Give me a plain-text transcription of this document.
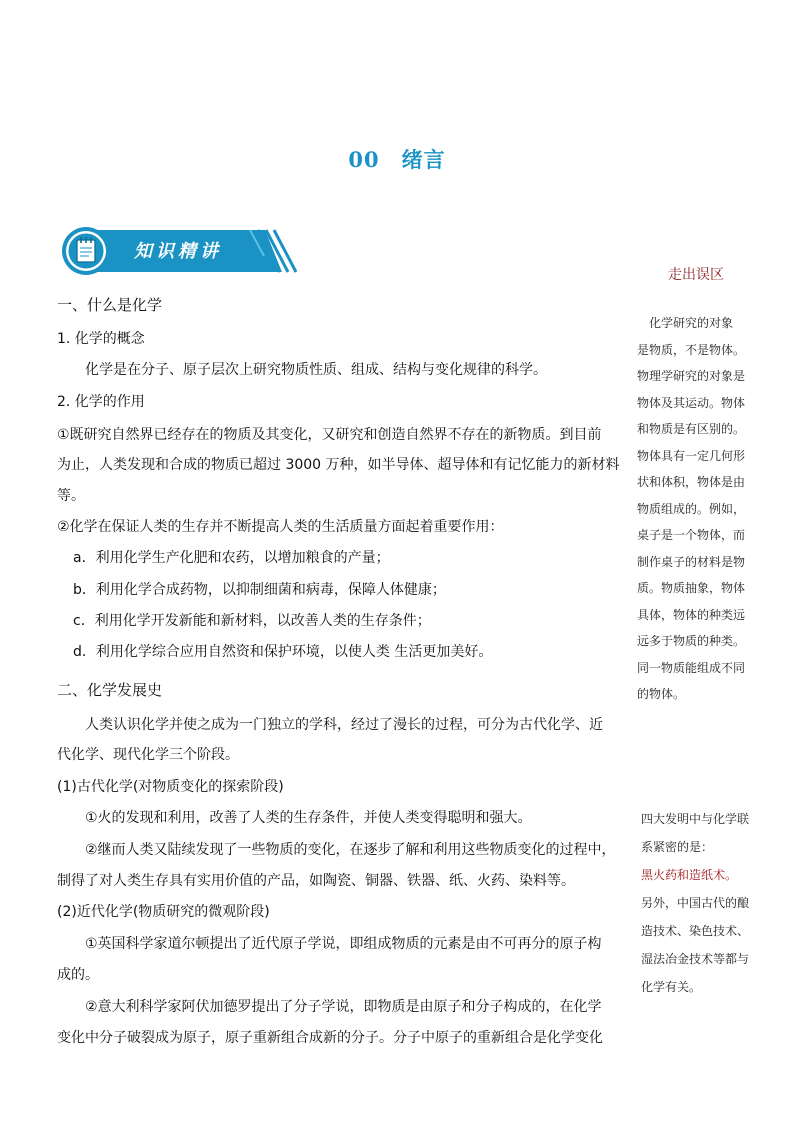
00 绪言
知识精讲

一、什么是化学

1. 化学的概念

化学是在分子、原子层次上研究物质性质、组成、结构与变化规律的科学。

2. 化学的作用

①既研究自然界已经存在的物质及其变化，又研究和创造自然界不存在的新物质。到目前

为止，人类发现和合成的物质已超过 3000 万种，如半导体、超导体和有记忆能力的新材料

等。

②化学在保证人类的生存并不断提高人类的生活质量方面起着重要作用：

a．利用化学生产化肥和农药，以增加粮食的产量；

b．利用化学合成药物，以抑制细菌和病毒，保障人体健康；

c．利用化学开发新能和新材料，以改善人类的生存条件；

d．利用化学综合应用自然资和保护环境，以使人类 生活更加美好。

二、化学发展史

人类认识化学并使之成为一门独立的学科，经过了漫长的过程，可分为古代化学、近

代化学、现代化学三个阶段。

(1)古代化学(对物质变化的探索阶段)

①火的发现和利用，改善了人类的生存条件，并使人类变得聪明和强大。

②继而人类又陆续发现了一些物质的变化，在逐步了解和利用这些物质变化的过程中，

制得了对人类生存具有实用价值的产品，如陶瓷、铜器、铁器、纸、火药、染料等。

(2)近代化学(物质研究的微观阶段)

①英国科学家道尔顿提出了近代原子学说，即组成物质的元素是由不可再分的原子构

成的。

②意大利科学家阿伏加德罗提出了分子学说，即物质是由原子和分子构成的，在化学

变化中分子破裂成为原子，原子重新组合成新的分子。分子中原子的重新组合是化学变化

走出误区
　化学研究的对象
是物质，不是物体。
物理学研究的对象是
物体及其运动。物体
和物质是有区别的。
物体具有一定几何形
状和体积，物体是由
物质组成的。例如，
桌子是一个物体，而
制作桌子的材料是物
质。物质抽象，物体
具体，物体的种类远
远多于物质的种类。
同一物质能组成不同
的物体。
四大发明中与化学联
系紧密的是：
黑火药和造纸术。
另外，中国古代的酿
造技术、染色技术、
湿法冶金技术等都与
化学有关。
